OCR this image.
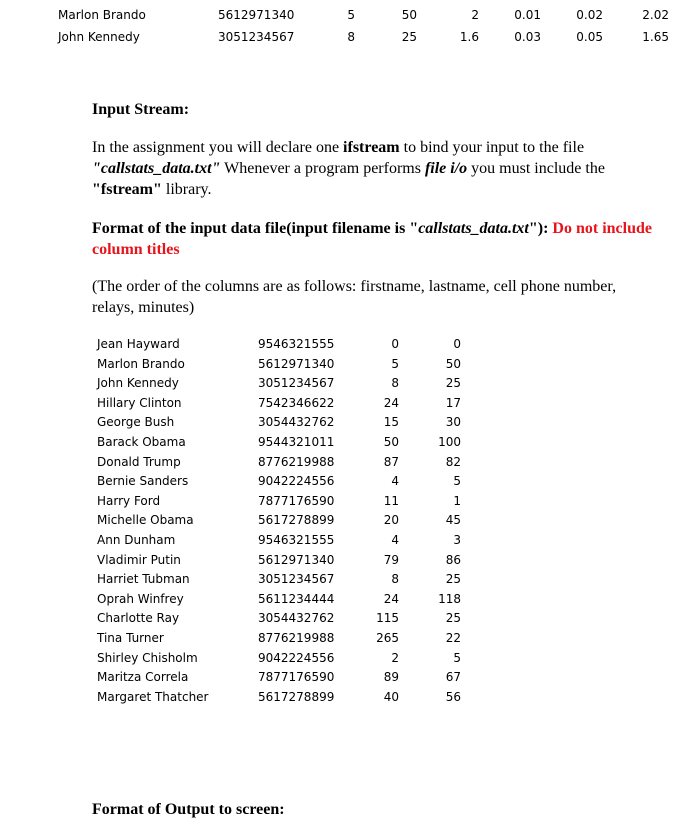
Marlon Brando	5612971340	5	50	2	0.01	0.02	2.02
John Kennedy	3051234567	8	25	1.6	0.03	0.05	1.65
Input Stream:
In the assignment you will declare one ifstream to bind your input to the file "callstats_data.txt" Whenever a program performs file i/o you must include the "fstream" library.
Format of the input data file(input filename is "callstats_data.txt"): Do not include column titles
(The order of the columns are as follows: firstname, lastname, cell phone number, relays, minutes)
Jean Hayward	9546321555	0	0
Marlon Brando	5612971340	5	50
John Kennedy	3051234567	8	25
Hillary Clinton	7542346622	24	17
George Bush	3054432762	15	30
Barack Obama	9544321011	50	100
Donald Trump	8776219988	87	82
Bernie Sanders	9042224556	4	5
Harry Ford	7877176590	11	1
Michelle Obama	5617278899	20	45
Ann Dunham	9546321555	4	3
Vladimir Putin	5612971340	79	86
Harriet Tubman	3051234567	8	25
Oprah Winfrey	5611234444	24	118
Charlotte Ray	3054432762	115	25
Tina Turner	8776219988	265	22
Shirley Chisholm	9042224556	2	5
Maritza Correla	7877176590	89	67
Margaret Thatcher	5617278899	40	56
Format of Output to screen:
